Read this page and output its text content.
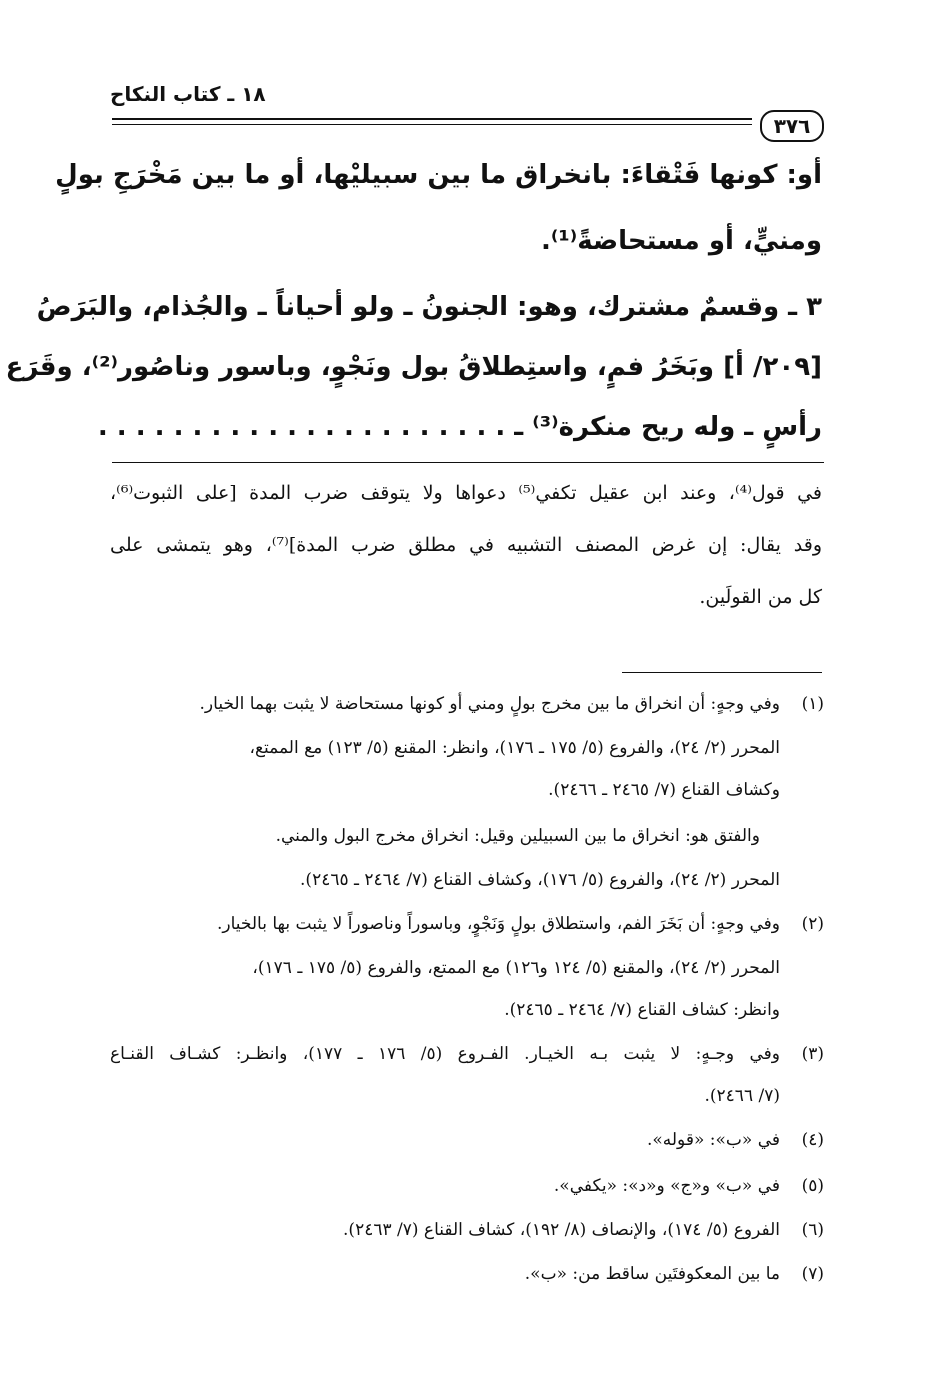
١٨ ـ كتاب النكاح
٣٧٦
أو: كونها فَتْقاءَ: بانخراق ما بين سبيليْها، أو ما بين مَخْرَجِ بولٍ
ومنيٍّ، أو مستحاضةً⁽¹⁾.
٣ ـ وقسمٌ مشترك، وهو: الجنونُ ـ ولو أحياناً ـ والجُذام، والبَرَصُ
[٢٠٩/ أ] وبَخَرُ فمٍ، واستِطلاقُ بول ونَجْوٍ، وباسور وناصُور⁽²⁾، وقَرَع
رأسٍ ـ وله ريح منكرة⁽³⁾ ـ . . . . . . . . . . . . . . . . . . . . . .
في قول⁽⁴⁾، وعند ابن عقيل تكفي⁽⁵⁾ دعواها ولا يتوقف ضرب المدة [على الثبوت⁽⁶⁾،
وقد يقال: إن غرض المصنف التشبيه في مطلق ضرب المدة]⁽⁷⁾، وهو يتمشى على
كل من القولَين.
(١)
وفي وجهٍ: أن انخراق ما بين مخرج بولٍ ومني أو كونها مستحاضة لا يثبت بهما الخيار.
المحرر (٢/ ٢٤)، والفروع (٥/ ١٧٥ ـ ١٧٦)، وانظر: المقنع (٥/ ١٢٣) مع الممتع،
وكشاف القناع (٧/ ٢٤٦٥ ـ ٢٤٦٦).
والفتق هو: انخراق ما بين السبيلين وقيل: انخراق مخرج البول والمني.
المحرر (٢/ ٢٤)، والفروع (٥/ ١٧٦)، وكشاف القناع (٧/ ٢٤٦٤ ـ ٢٤٦٥).
(٢)
وفي وجهٍ: أن بَخَرَ الفم، واستطلاق بولٍ وَنَجْوٍ، وباسوراً وناصوراً لا يثبت بها بالخيار.
المحرر (٢/ ٢٤)، والمقنع (٥/ ١٢٤ و١٢٦) مع الممتع، والفروع (٥/ ١٧٥ ـ ١٧٦)،
وانظر: كشاف القناع (٧/ ٢٤٦٤ ـ ٢٤٦٥).
(٣)
وفي وجـهٍ: لا يثبت بـه الخيـار. الفـروع (٥/ ١٧٦ ـ ١٧٧)، وانظـر: كشـاف القنـاع
(٧/ ٢٤٦٦).
(٤)
في «ب»: «قوله».
(٥)
في «ب» و«ج» و«د»: «يكفي».
(٦)
الفروع (٥/ ١٧٤)، والإنصاف (٨/ ١٩٢)، كشاف القناع (٧/ ٢٤٦٣).
(٧)
ما بين المعكوفتَين ساقط من: «ب».
